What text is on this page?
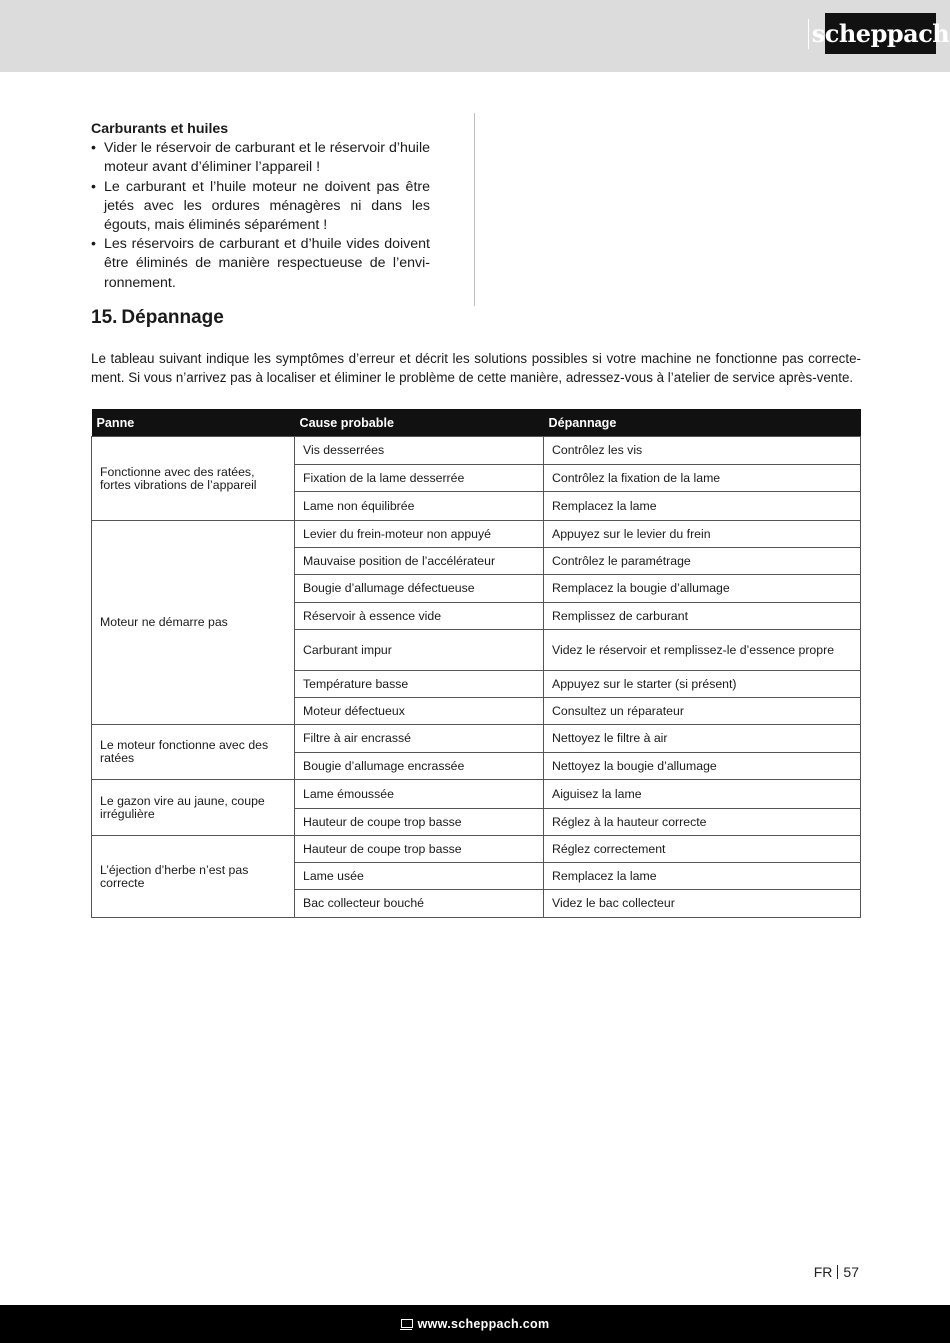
scheppach
Carburants et huiles
• Vider le réservoir de carburant et le réservoir d’huile moteur avant d’éliminer l’appareil !
• Le carburant et l’huile moteur ne doivent pas être jetés avec les ordures ménagères ni dans les égouts, mais éliminés séparément !
• Les réservoirs de carburant et d’huile vides doivent être éliminés de manière respectueuse de l’envi-ronnement.
15. Dépannage
Le tableau suivant indique les symptômes d’erreur et décrit les solutions possibles si votre machine ne fonctionne pas correcte-ment. Si vous n’arrivez pas à localiser et éliminer le problème de cette manière, adressez-vous à l’atelier de service après-vente.
Panne	Cause probable	Dépannage
Fonctionne avec des ratées, fortes vibrations de l’appareil	Vis desserrées	Contrôlez les vis
	Fixation de la lame desserrée	Contrôlez la fixation de la lame
	Lame non équilibrée	Remplacez la lame
Moteur ne démarre pas	Levier du frein-moteur non appuyé	Appuyez sur le levier du frein
	Mauvaise position de l’accélérateur	Contrôlez le paramétrage
	Bougie d’allumage défectueuse	Remplacez la bougie d’allumage
	Réservoir à essence vide	Remplissez de carburant
	Carburant impur	Videz le réservoir et remplissez-le d’essence propre
	Température basse	Appuyez sur le starter (si présent)
	Moteur défectueux	Consultez un réparateur
Le moteur fonctionne avec des ratées	Filtre à air encrassé	Nettoyez le filtre à air
	Bougie d’allumage encrassée	Nettoyez la bougie d’allumage
Le gazon vire au jaune, coupe irrégulière	Lame émoussée	Aiguisez la lame
	Hauteur de coupe trop basse	Réglez à la hauteur correcte
L’éjection d’herbe n’est pas correcte	Hauteur de coupe trop basse	Réglez correctement
	Lame usée	Remplacez la lame
	Bac collecteur bouché	Videz le bac collecteur
FR 57
www.scheppach.com
